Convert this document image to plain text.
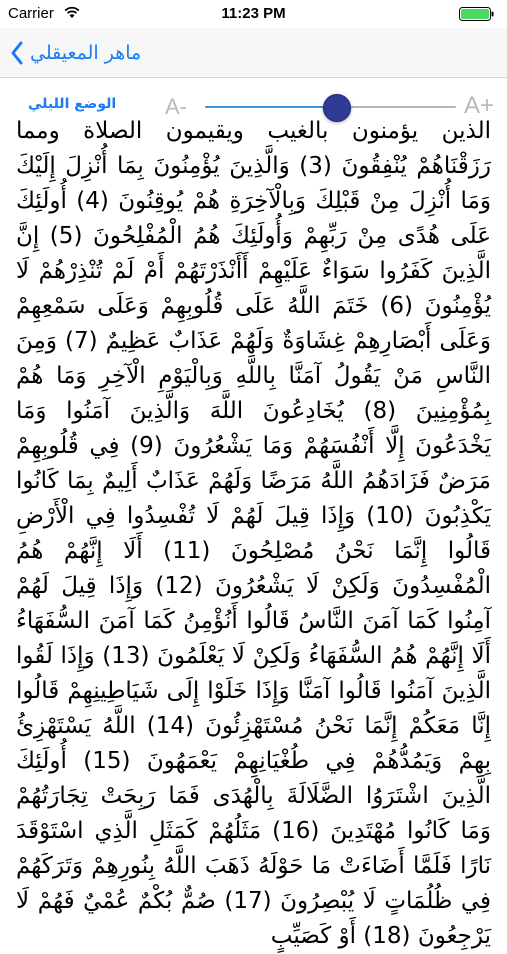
Carrier	11:23 PM
ماهر المعيقلي
الوضع الليلي A-	A+

الذين يؤمنون بالغيب ويقيمون الصلاة ومما رَزَقْنَاهُمْ يُنْفِقُونَ (3) وَالَّذِينَ يُؤْمِنُونَ بِمَا أُنْزِلَ إِلَيْكَ وَمَا أُنْزِلَ مِنْ قَبْلِكَ وَبِالْآخِرَةِ هُمْ يُوقِنُونَ (4) أُولَئِكَ عَلَى هُدًى مِنْ رَبِّهِمْ وَأُولَئِكَ هُمُ الْمُفْلِحُونَ (5) إِنَّ الَّذِينَ كَفَرُوا سَوَاءٌ عَلَيْهِمْ أَأَنْذَرْتَهُمْ أَمْ لَمْ تُنْذِرْهُمْ لَا يُؤْمِنُونَ (6) خَتَمَ اللَّهُ عَلَى قُلُوبِهِمْ وَعَلَى سَمْعِهِمْ وَعَلَى أَبْصَارِهِمْ غِشَاوَةٌ وَلَهُمْ عَذَابٌ عَظِيمٌ (7) وَمِنَ النَّاسِ مَنْ يَقُولُ آمَنَّا بِاللَّهِ وَبِالْيَوْمِ الْآخِرِ وَمَا هُمْ بِمُؤْمِنِينَ (8) يُخَادِعُونَ اللَّهَ وَالَّذِينَ آمَنُوا وَمَا يَخْدَعُونَ إِلَّا أَنْفُسَهُمْ وَمَا يَشْعُرُونَ (9) فِي قُلُوبِهِمْ مَرَضٌ فَزَادَهُمُ اللَّهُ مَرَضًا وَلَهُمْ عَذَابٌ أَلِيمٌ بِمَا كَانُوا يَكْذِبُونَ (10) وَإِذَا قِيلَ لَهُمْ لَا تُفْسِدُوا فِي الْأَرْضِ قَالُوا إِنَّمَا نَحْنُ مُصْلِحُونَ (11) أَلَا إِنَّهُمْ هُمُ الْمُفْسِدُونَ وَلَكِنْ لَا يَشْعُرُونَ (12) وَإِذَا قِيلَ لَهُمْ آمِنُوا كَمَا آمَنَ النَّاسُ قَالُوا أَنُؤْمِنُ كَمَا آمَنَ السُّفَهَاءُ أَلَا إِنَّهُمْ هُمُ السُّفَهَاءُ وَلَكِنْ لَا يَعْلَمُونَ (13) وَإِذَا لَقُوا الَّذِينَ آمَنُوا قَالُوا آمَنَّا وَإِذَا خَلَوْا إِلَى شَيَاطِينِهِمْ قَالُوا إِنَّا مَعَكُمْ إِنَّمَا نَحْنُ مُسْتَهْزِئُونَ (14) اللَّهُ يَسْتَهْزِئُ بِهِمْ وَيَمُدُّهُمْ فِي طُغْيَانِهِمْ يَعْمَهُونَ (15) أُولَئِكَ الَّذِينَ اشْتَرَوُا الضَّلَالَةَ بِالْهُدَى فَمَا رَبِحَتْ تِجَارَتُهُمْ وَمَا كَانُوا مُهْتَدِينَ (16) مَثَلُهُمْ كَمَثَلِ الَّذِي اسْتَوْقَدَ نَارًا فَلَمَّا أَضَاءَتْ مَا حَوْلَهُ ذَهَبَ اللَّهُ بِنُورِهِمْ وَتَرَكَهُمْ فِي ظُلُمَاتٍ لَا يُبْصِرُونَ (17) صُمٌّ بُكْمٌ عُمْيٌ فَهُمْ لَا يَرْجِعُونَ (18) أَوْ كَصَيِّبٍ
